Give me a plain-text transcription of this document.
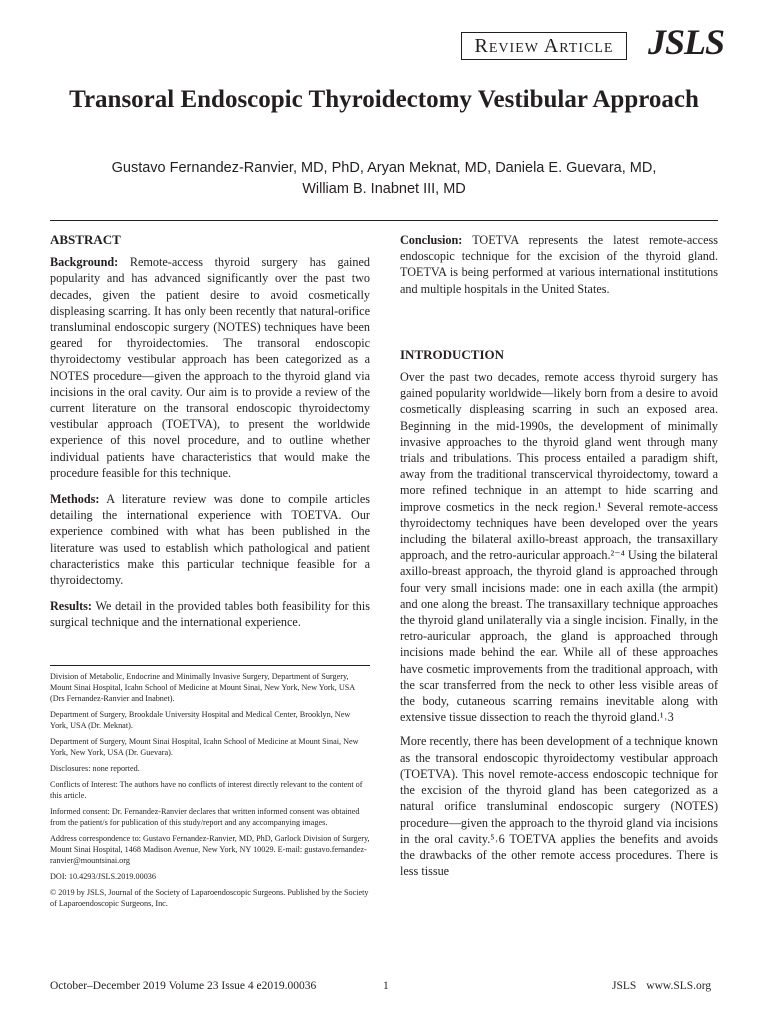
Review Article JSLS
Transoral Endoscopic Thyroidectomy Vestibular Approach
Gustavo Fernandez-Ranvier, MD, PhD, Aryan Meknat, MD, Daniela E. Guevara, MD,
William B. Inabnet III, MD
ABSTRACT

Background: Remote-access thyroid surgery has gained popularity and has advanced significantly over the past two decades, given the patient desire to avoid cosmetically displeasing scarring. It has only been recently that natural-orifice transluminal endoscopic surgery (NOTES) techniques have been geared for thyroidectomies. The transoral endoscopic thyroidectomy vestibular approach has been categorized as a NOTES procedure—given the approach to the thyroid gland via incisions in the oral cavity. Our aim is to provide a review of the current literature on the transoral endoscopic thyroidectomy vestibular approach (TOETVA), to present the worldwide experience of this novel procedure, and to outline whether individual patients have characteristics that would make the procedure feasible for this technique.

Methods: A literature review was done to compile articles detailing the international experience with TOETVA. Our experience combined with what has been published in the literature was used to establish which pathological and patient characteristics make this particular technique feasible for a thyroidectomy.

Results: We detail in the provided tables both feasibility for this surgical technique and the international experience.

Division of Metabolic, Endocrine and Minimally Invasive Surgery, Department of Surgery, Mount Sinai Hospital, Icahn School of Medicine at Mount Sinai, New York, New York, USA (Drs Fernandez-Ranvier and Inabnet).
Department of Surgery, Brookdale University Hospital and Medical Center, Brooklyn, New York, USA (Dr. Meknat).
Department of Surgery, Mount Sinai Hospital, Icahn School of Medicine at Mount Sinai, New York, New York, USA (Dr. Guevara).
Disclosures: none reported.
Conflicts of Interest: The authors have no conflicts of interest directly relevant to the content of this article.
Informed consent: Dr. Fernandez-Ranvier declares that written informed consent was obtained from the patient/s for publication of this study/report and any accompanying images.
Address correspondence to: Gustavo Fernandez-Ranvier, MD, PhD, Garlock Division of Surgery, Mount Sinai Hospital, 1468 Madison Avenue, New York, NY 10029. E-mail: gustavo.fernandez-ranvier@mountsinai.org
DOI: 10.4293/JSLS.2019.00036
© 2019 by JSLS, Journal of the Society of Laparoendoscopic Surgeons. Published by the Society of Laparoendoscopic Surgeons, Inc.

Conclusion: TOETVA represents the latest remote-access endoscopic technique for the excision of the thyroid gland. TOETVA is being performed at various international institutions and multiple hospitals in the United States.

INTRODUCTION

Over the past two decades, remote access thyroid surgery has gained popularity worldwide—likely born from a desire to avoid cosmetically displeasing scarring in such an exposed area. Beginning in the mid-1990s, the development of minimally invasive approaches to the thyroid gland went through many trials and tribulations. This process entailed a paradigm shift, away from the traditional transcervical thyroidectomy, toward a more refined technique in an attempt to hide scarring and improve cosmetics in the neck region.¹ Several remote-access thyroidectomy techniques have been developed over the years including the bilateral axillo-breast approach, the transaxillary approach, and the retro-auricular approach.²⁻⁴ Using the bilateral axillo-breast approach, the thyroid gland is approached through four very small incisions made: one in each axilla (the armpit) and one along the breast. The transaxillary technique approaches the thyroid gland unilaterally via a single incision. Finally, in the retro-auricular approach, the gland is approached through incisions made behind the ear. While all of these approaches have cosmetic improvements from the traditional approach, with the scar transferred from the neck to other less visible areas of the body, cutaneous scarring remains inevitable along with extensive tissue dissection to reach the thyroid gland.¹˒3

More recently, there has been development of a technique known as the transoral endoscopic thyroidectomy vestibular approach (TOETVA). This novel remote-access endoscopic technique for the excision of the thyroid gland has been categorized as a natural orifice transluminal endoscopic surgery (NOTES) procedure—given the approach to the thyroid gland via incisions in the oral cavity.⁵˒6 TOETVA applies the benefits and avoids the drawbacks of the other remote access procedures. There is less tissue

October–December 2019 Volume 23 Issue 4 e2019.00036	1	JSLS www.SLS.org
